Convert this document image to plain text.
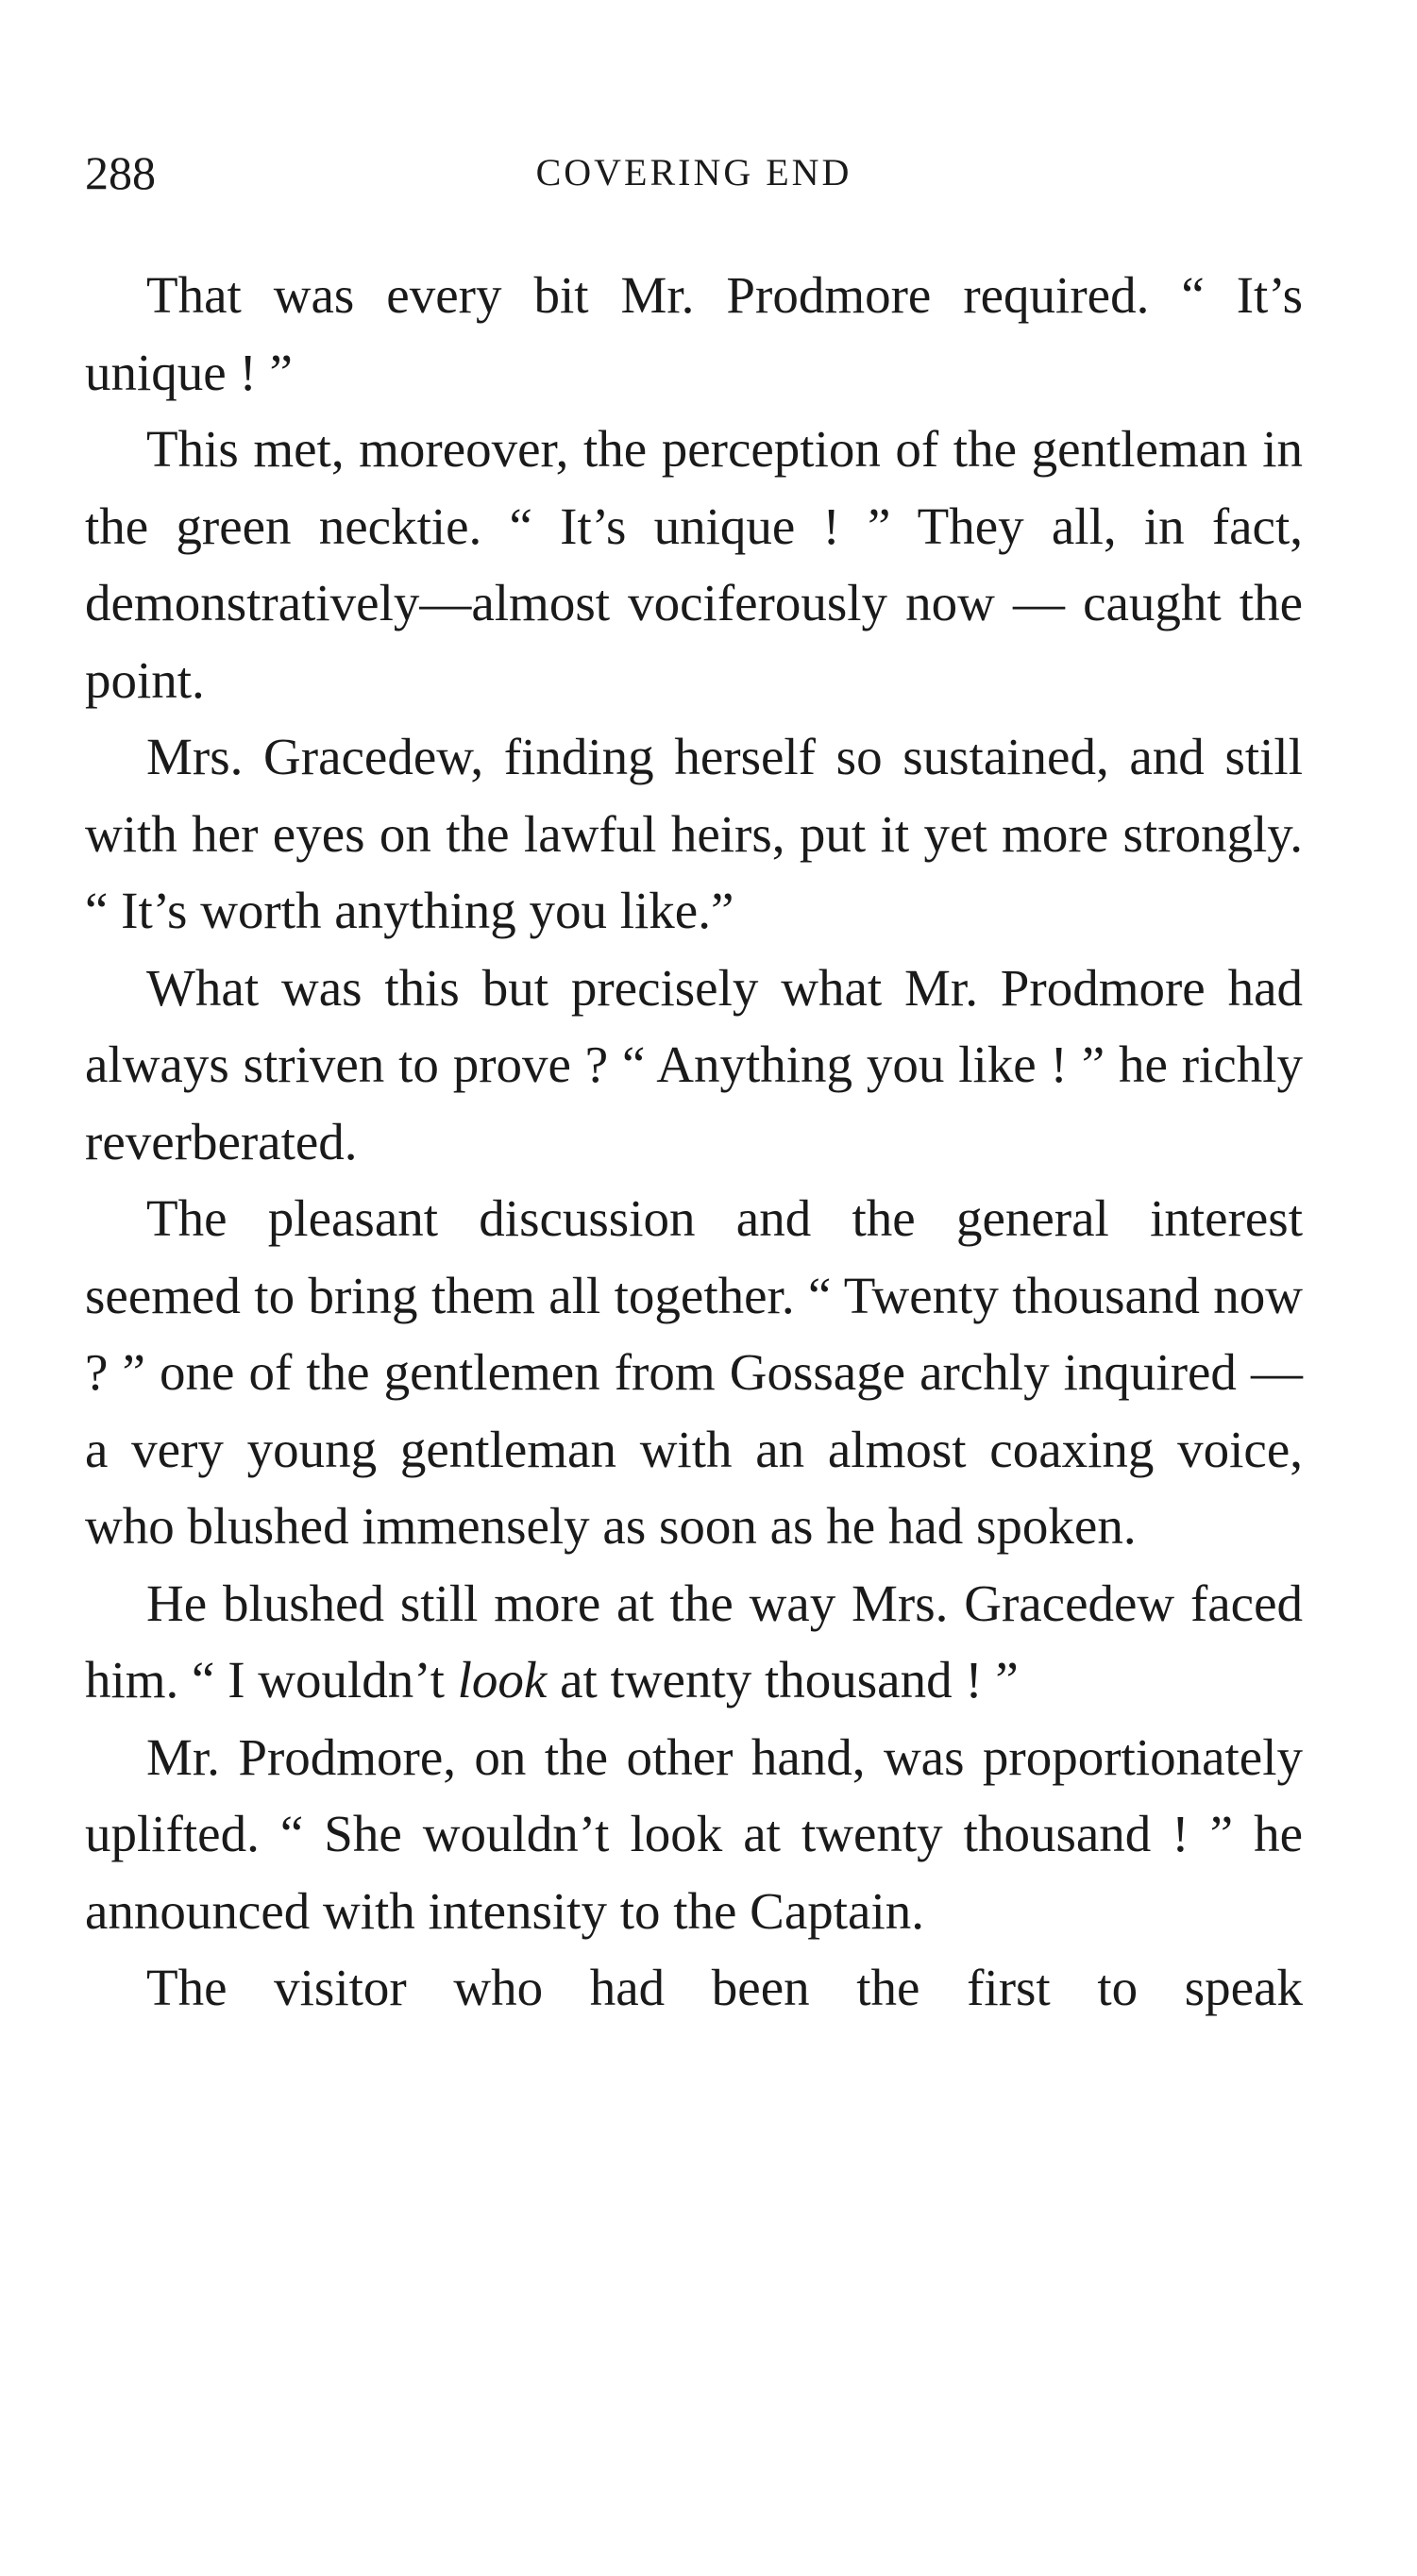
288	COVERING END

That was every bit Mr. Prodmore required. “ It’s unique ! ”

This met, moreover, the perception of the gentleman in the green necktie. “ It’s unique ! ” They all, in fact, demonstratively—almost vociferously now — caught the point.

Mrs. Gracedew, finding herself so sustained, and still with her eyes on the lawful heirs, put it yet more strongly. “ It’s worth anything you like.”

What was this but precisely what Mr. Prodmore had always striven to prove ? “ Anything you like ! ” he richly reverberated.

The pleasant discussion and the general interest seemed to bring them all together. “ Twenty thousand now ? ” one of the gentlemen from Gossage archly inquired — a very young gentleman with an almost coaxing voice, who blushed immensely as soon as he had spoken.

He blushed still more at the way Mrs. Gracedew faced him. “ I wouldn’t look at twenty thousand ! ”

Mr. Prodmore, on the other hand, was proportionately uplifted. “ She wouldn’t look at twenty thousand ! ” he announced with intensity to the Captain.

The visitor who had been the first to speak
